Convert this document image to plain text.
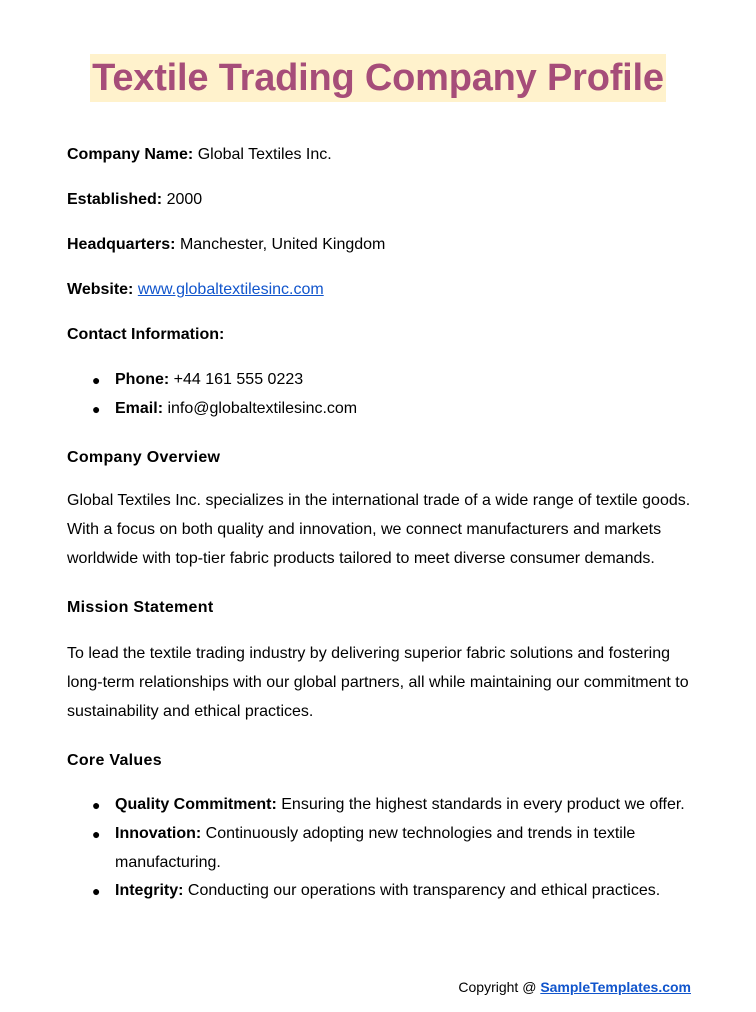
Textile Trading Company Profile
Company Name: Global Textiles Inc.
Established: 2000
Headquarters: Manchester, United Kingdom
Website: www.globaltextilesinc.com
Contact Information:
● Phone: +44 161 555 0223
● Email: info@globaltextilesinc.com
Company Overview
Global Textiles Inc. specializes in the international trade of a wide range of textile goods. With a focus on both quality and innovation, we connect manufacturers and markets worldwide with top-tier fabric products tailored to meet diverse consumer demands.
Mission Statement
To lead the textile trading industry by delivering superior fabric solutions and fostering long-term relationships with our global partners, all while maintaining our commitment to sustainability and ethical practices.
Core Values
● Quality Commitment: Ensuring the highest standards in every product we offer.
● Innovation: Continuously adopting new technologies and trends in textile manufacturing.
● Integrity: Conducting our operations with transparency and ethical practices.
Copyright @ SampleTemplates.com
